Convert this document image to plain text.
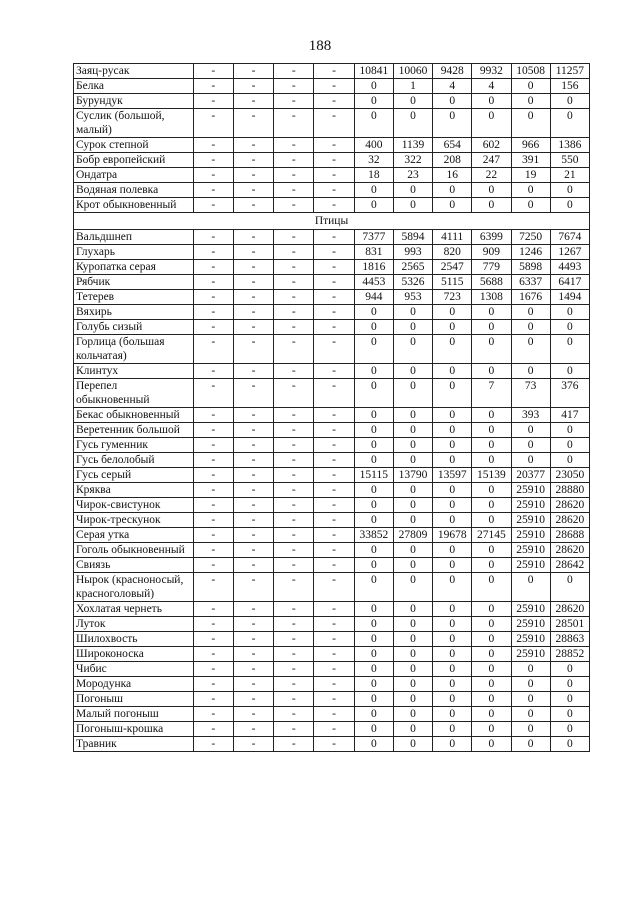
188
Заяц-русак	-	-	-	-	10841	10060	9428	9932	10508	11257
Белка	-	-	-	-	0	1	4	4	0	156
Бурундук	-	-	-	-	0	0	0	0	0	0
Суслик (большой, малый)	-	-	-	-	0	0	0	0	0	0
Сурок степной	-	-	-	-	400	1139	654	602	966	1386
Бобр европейский	-	-	-	-	32	322	208	247	391	550
Ондатра	-	-	-	-	18	23	16	22	19	21
Водяная полевка	-	-	-	-	0	0	0	0	0	0
Крот обыкновенный	-	-	-	-	0	0	0	0	0	0
Птицы										
Вальдшнеп	-	-	-	-	7377	5894	4111	6399	7250	7674
Глухарь	-	-	-	-	831	993	820	909	1246	1267
Куропатка серая	-	-	-	-	1816	2565	2547	779	5898	4493
Рябчик	-	-	-	-	4453	5326	5115	5688	6337	6417
Тетерев	-	-	-	-	944	953	723	1308	1676	1494
Вяхирь	-	-	-	-	0	0	0	0	0	0
Голубь сизый	-	-	-	-	0	0	0	0	0	0
Горлица (большая кольчатая)	-	-	-	-	0	0	0	0	0	0
Клинтух	-	-	-	-	0	0	0	0	0	0
Перепел обыкновенный	-	-	-	-	0	0	0	7	73	376
Бекас обыкновенный	-	-	-	-	0	0	0	0	393	417
Веретенник большой	-	-	-	-	0	0	0	0	0	0
Гусь гуменник	-	-	-	-	0	0	0	0	0	0
Гусь белолобый	-	-	-	-	0	0	0	0	0	0
Гусь серый	-	-	-	-	15115	13790	13597	15139	20377	23050
Кряква	-	-	-	-	0	0	0	0	25910	28880
Чирок-свистунок	-	-	-	-	0	0	0	0	25910	28620
Чирок-трескунок	-	-	-	-	0	0	0	0	25910	28620
Серая утка	-	-	-	-	33852	27809	19678	27145	25910	28688
Гоголь обыкновенный	-	-	-	-	0	0	0	0	25910	28620
Свиязь	-	-	-	-	0	0	0	0	25910	28642
Нырок (красноносый, красноголовый)	-	-	-	-	0	0	0	0	0	0
Хохлатая чернеть	-	-	-	-	0	0	0	0	25910	28620
Луток	-	-	-	-	0	0	0	0	25910	28501
Шилохвость	-	-	-	-	0	0	0	0	25910	28863
Широконоска	-	-	-	-	0	0	0	0	25910	28852
Чибис	-	-	-	-	0	0	0	0	0	0
Мородунка	-	-	-	-	0	0	0	0	0	0
Погоныш	-	-	-	-	0	0	0	0	0	0
Малый погоныш	-	-	-	-	0	0	0	0	0	0
Погоныш-крошка	-	-	-	-	0	0	0	0	0	0
Травник	-	-	-	-	0	0	0	0	0	0
